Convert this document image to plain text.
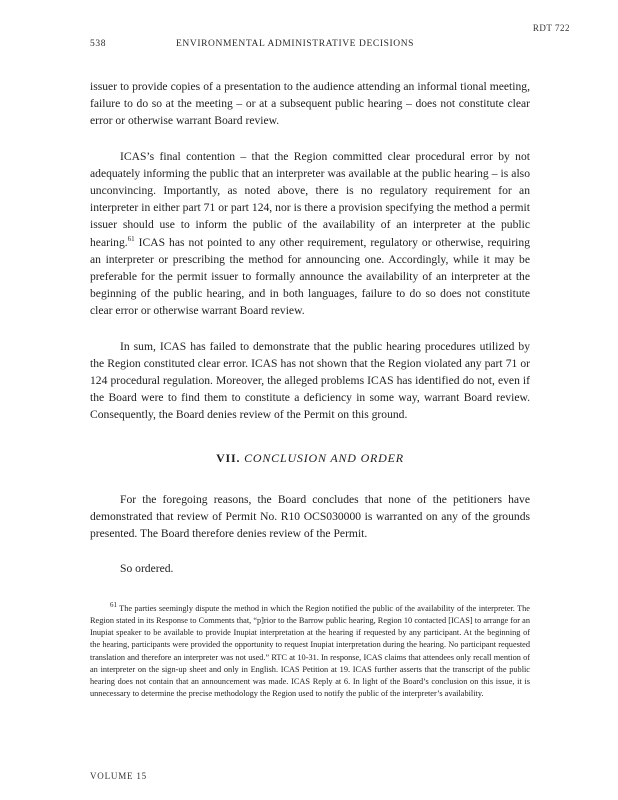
RDT 722
538	ENVIRONMENTAL ADMINISTRATIVE DECISIONS

issuer to provide copies of a presentation to the audience attending an informal tional meeting, failure to do so at the meeting – or at a subsequent public hearing – does not constitute clear error or otherwise warrant Board review.

ICAS’s final contention – that the Region committed clear procedural error by not adequately informing the public that an interpreter was available at the public hearing – is also unconvincing. Importantly, as noted above, there is no regulatory requirement for an interpreter in either part 71 or part 124, nor is there a provision specifying the method a permit issuer should use to inform the public of the availability of an interpreter at the public hearing.$^{61}$ ICAS has not pointed to any other requirement, regulatory or otherwise, requiring an interpreter or prescribing the method for announcing one. Accordingly, while it may be preferable for the permit issuer to formally announce the availability of an interpreter at the beginning of the public hearing, and in both languages, failure to do so does not constitute clear error or otherwise warrant Board review.

In sum, ICAS has failed to demonstrate that the public hearing procedures utilized by the Region constituted clear error. ICAS has not shown that the Region violated any part 71 or 124 procedural regulation. Moreover, the alleged problems ICAS has identified do not, even if the Board were to find them to constitute a deficiency in some way, warrant Board review. Consequently, the Board denies review of the Permit on this ground.

VII. CONCLUSION AND ORDER

For the foregoing reasons, the Board concludes that none of the petitioners have demonstrated that review of Permit No. R10 OCS030000 is warranted on any of the grounds presented. The Board therefore denies review of the Permit.

So ordered.

$^{61}$ The parties seemingly dispute the method in which the Region notified the public of the availability of the interpreter. The Region stated in its Response to Comments that, “p]rior to the Barrow public hearing, Region 10 contacted [ICAS] to arrange for an Inupiat speaker to be available to provide Inupiat interpretation at the hearing if requested by any participant. At the beginning of the hearing, participants were provided the opportunity to request Inupiat interpretation during the hearing. No participant requested translation and therefore an interpreter was not used.” RTC at 10-31. In response, ICAS claims that attendees only recall mention of an interpreter on the sign-up sheet and only in English. ICAS Petition at 19. ICAS further asserts that the transcript of the public hearing does not contain that an announcement was made. ICAS Reply at 6. In light of the Board’s conclusion on this issue, it is unnecessary to determine the precise methodology the Region used to notify the public of the interpreter’s availability.

VOLUME 15
